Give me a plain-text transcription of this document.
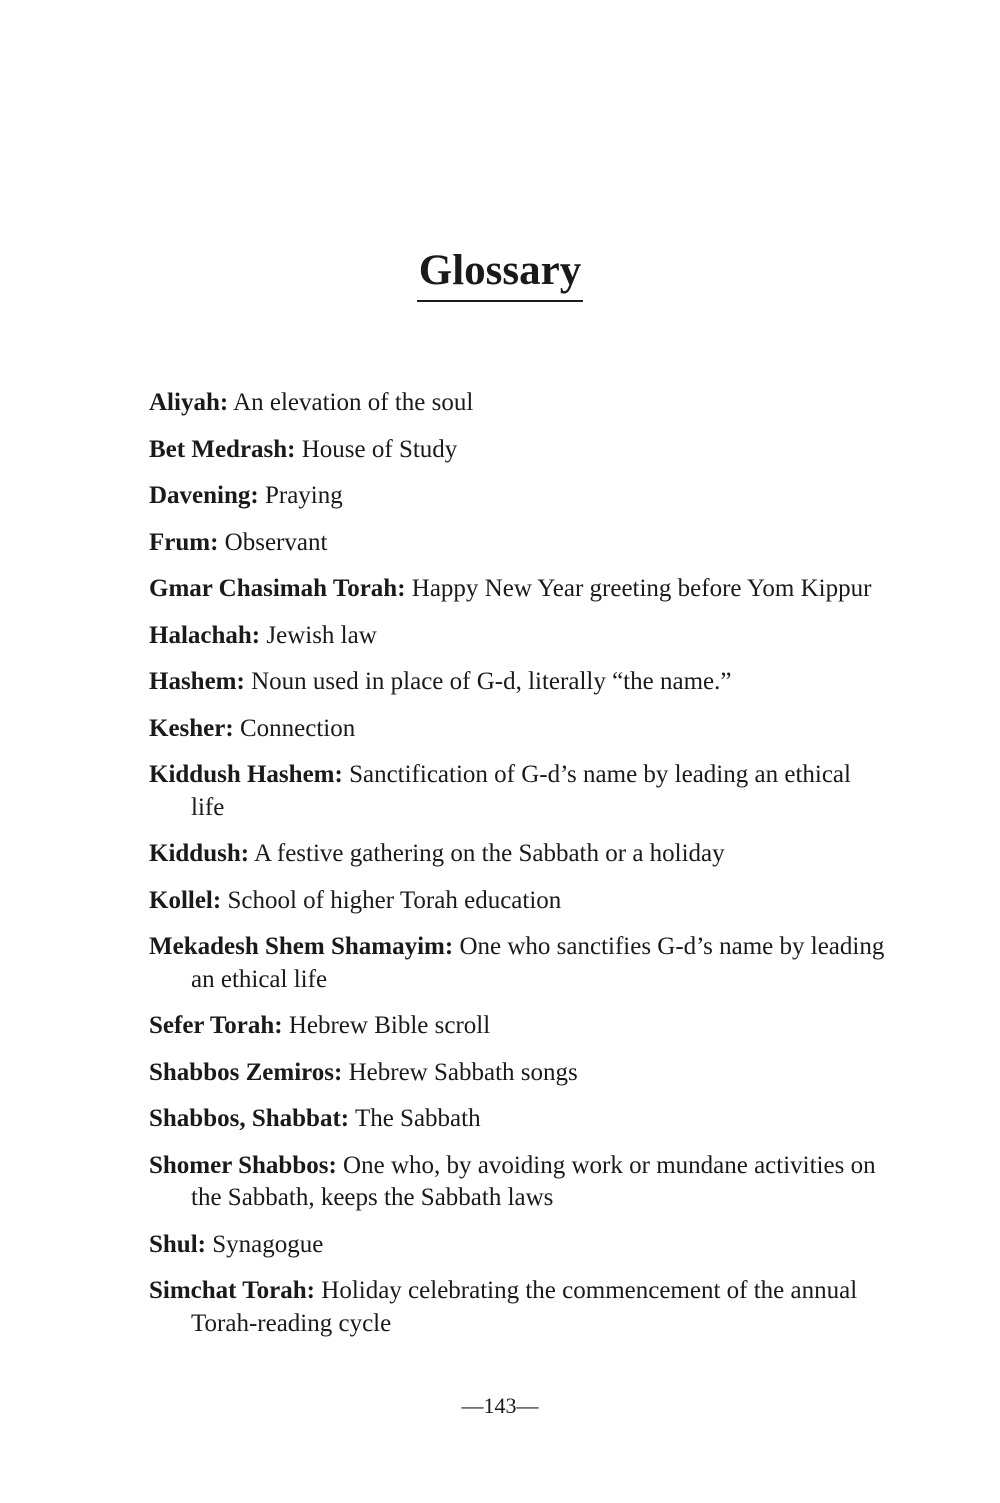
Glossary

Aliyah: An elevation of the soul

Bet Medrash: House of Study

Davening: Praying

Frum: Observant

Gmar Chasimah Torah: Happy New Year greeting before Yom Kippur

Halachah: Jewish law

Hashem: Noun used in place of G-d, literally “the name.”

Kesher: Connection

Kiddush Hashem: Sanctification of G-d’s name by leading an ethical life

Kiddush: A festive gathering on the Sabbath or a holiday

Kollel: School of higher Torah education

Mekadesh Shem Shamayim: One who sanctifies G-d’s name by leading an ethical life

Sefer Torah: Hebrew Bible scroll

Shabbos Zemiros: Hebrew Sabbath songs

Shabbos, Shabbat: The Sabbath

Shomer Shabbos: One who, by avoiding work or mundane activities on the Sabbath, keeps the Sabbath laws

Shul: Synagogue

Simchat Torah: Holiday celebrating the commencement of the annual Torah-reading cycle

—143—
